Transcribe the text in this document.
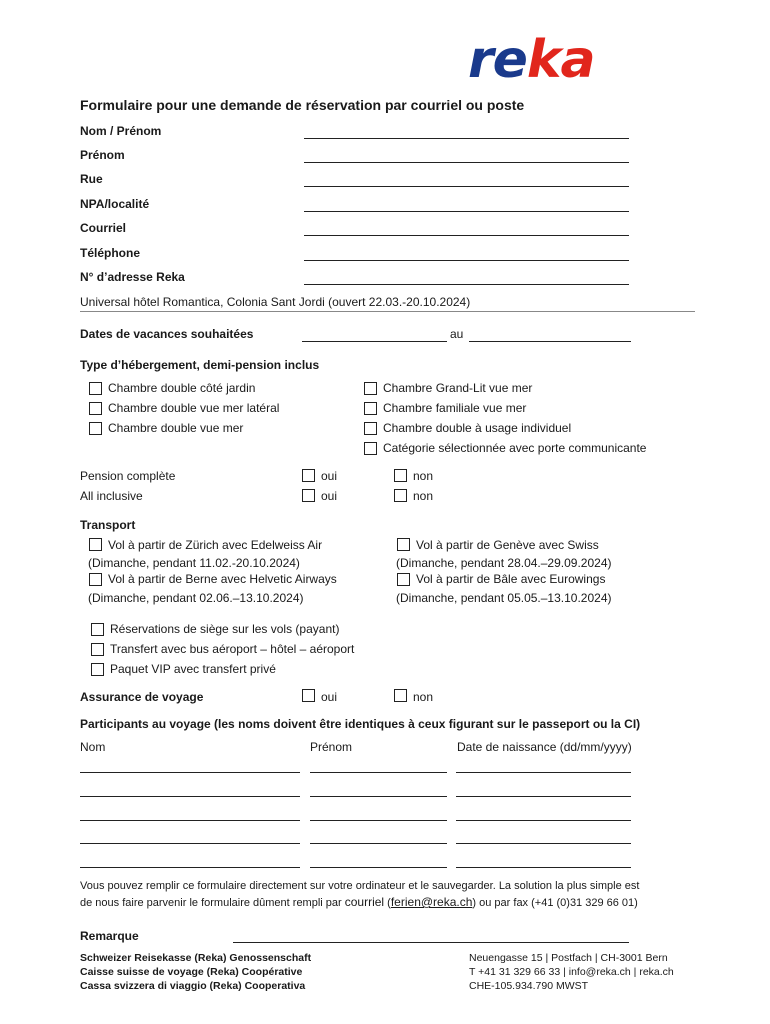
reka
Formulaire pour une demande de réservation par courriel ou poste
Nom / Prénom
Prénom
Rue
NPA/localité
Courriel
Téléphone
N° d’adresse Reka
Universal hôtel Romantica, Colonia Sant Jordi (ouvert 22.03.-20.10.2024)
Dates de vacances souhaitées	au
Type d’hébergement, demi-pension inclus
Chambre double côté jardin
Chambre double vue mer latéral
Chambre double vue mer
Chambre Grand-Lit vue mer
Chambre familiale vue mer
Chambre double à usage individuel
Catégorie sélectionnée avec porte communicante
Pension complète	oui	non
All inclusive	oui	non
Transport
Vol à partir de Zürich avec Edelweiss Air
(Dimanche, pendant 11.02.-20.10.2024)
Vol à partir de Berne avec Helvetic Airways
(Dimanche, pendant 02.06.–13.10.2024)
Vol à partir de Genève avec Swiss
(Dimanche, pendant 28.04.–29.09.2024)
Vol à partir de Bâle avec Eurowings
(Dimanche, pendant 05.05.–13.10.2024)
Réservations de siège sur les vols (payant)
Transfert avec bus aéroport – hôtel – aéroport
Paquet VIP avec transfert privé
Assurance de voyage	oui	non
Participants au voyage (les noms doivent être identiques à ceux figurant sur le passeport ou la CI)
Nom	Prénom	Date de naissance (dd/mm/yyyy)
Vous pouvez remplir ce formulaire directement sur votre ordinateur et le sauvegarder. La solution la plus simple est
de nous faire parvenir le formulaire dûment rempli par courriel (ferien@reka.ch) ou par fax (+41 (0)31 329 66 01)
Remarque
Schweizer Reisekasse (Reka) Genossenschaft
Caisse suisse de voyage (Reka) Coopérative
Cassa svizzera di viaggio (Reka) Cooperativa
Neuengasse 15 | Postfach | CH-3001 Bern
T +41 31 329 66 33 | info@reka.ch | reka.ch
CHE-105.934.790 MWST
